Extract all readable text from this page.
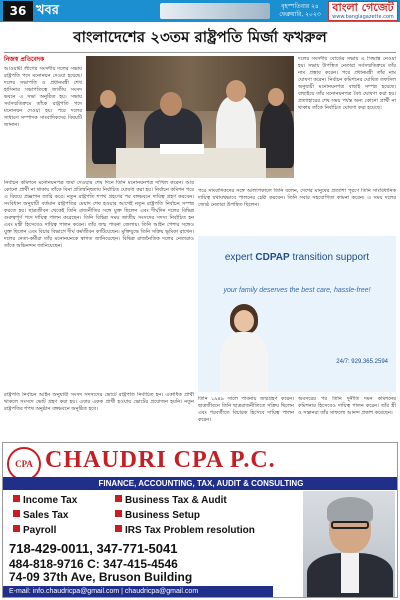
36 খবর	বৃহস্পতিবার ২৪ ফেব্রুয়ারি, ২০২৩
বাংলা গেজেট
www.banglagazette.com
বাংলাদেশের ২৩তম রাষ্ট্রপতি মির্জা ফখরুল
নিজস্ব প্রতিবেদক
আওয়ামী লীগের সংসদীয় দলের সভায় রাষ্ট্রপতি পদে মনোনয়ন দেওয়া হয়েছে। দলের সভাপতি ও প্রধানমন্ত্রী শেখ হাসিনার সভাপতিত্বে জাতীয় সংসদ ভবনে এ সভা অনুষ্ঠিত হয়। সভায় সর্বসম্মতিক্রমে তাঁকে রাষ্ট্রপতি পদে মনোনয়ন দেওয়া হয়। পরে দলের সাধারণ সম্পাদক সাংবাদিকদের বিষয়টি জানান।
দলের সংসদীয় বোর্ডের সভায় এ সিদ্ধান্ত নেওয়া হয়। সভায় উপস্থিত নেতারা সর্বসম্মতিক্রমে তাঁর নাম প্রস্তাব করেন। পরে প্রধানমন্ত্রী তাঁর নাম ঘোষণা করেন। নির্বাচন কমিশনের ঘোষিত তফসিল অনুযায়ী মনোনয়নপত্র বাছাই সম্পন্ন হয়েছে। বাছাইয়ে তাঁর মনোনয়নপত্র বৈধ ঘোষণা করা হয়। প্রত্যাহারের শেষ সময় পর্যন্ত অন্য কোনো প্রার্থী না থাকায় তাঁকে নির্বাচিত ঘোষণা করা হয়েছে।
নির্বাচন কমিশনে মনোনয়নপত্র জমা দেওয়ার শেষ দিনে তিনি মনোনয়নপত্র দাখিল করেন। আর কোনো প্রার্থী না থাকায় তাঁকে বিনা প্রতিদ্বন্দ্বিতায় নির্বাচিত ঘোষণা করা হয়। নির্বাচন কমিশন পরে এ বিষয়ে প্রজ্ঞাপন জারি করে। নতুন রাষ্ট্রপতি শপথ গ্রহণের পর বঙ্গভবনে দায়িত্ব গ্রহণ করবেন। সংবিধান অনুযায়ী বর্তমান রাষ্ট্রপতির মেয়াদ শেষ হওয়ার আগেই নতুন রাষ্ট্রপতি নির্বাচন সম্পন্ন করতে হয়। ছাত্রজীবন থেকেই তিনি রাজনীতির সঙ্গে যুক্ত ছিলেন এবং দীর্ঘদিন দলের বিভিন্ন গুরুত্বপূর্ণ পদে দায়িত্ব পালন করেছেন। তিনি বিভিন্ন সময় জাতীয় সংসদের সদস্য নির্বাচিত হন এবং মন্ত্রী হিসেবেও দায়িত্ব পালন করেন। তাঁর জন্ম পাবনা জেলায়। তিনি আইন পেশার সঙ্গেও যুক্ত ছিলেন এবং বিচার বিভাগে দীর্ঘ কর্মজীবন কাটিয়েছেন। মুক্তিযুদ্ধে তিনি সক্রিয় ভূমিকা রাখেন। দলের নেতা-কর্মীরা তাঁর মনোনয়নকে স্বাগত জানিয়েছেন। বিভিন্ন রাজনৈতিক দলের নেতারাও তাঁকে অভিনন্দন জানিয়েছেন।
পরে সাংবাদিকদের সঙ্গে আলাপকালে তিনি বলেন, দেশের মানুষের প্রত্যাশা পূরণে তিনি সাংবিধানিক দায়িত্ব যথাযথভাবে পালনের চেষ্টা করবেন। তিনি সবার সহযোগিতা কামনা করেন। এ সময় দলের জ্যেষ্ঠ নেতারা উপস্থিত ছিলেন।
expert CDPAP transition support
your family deserves the best care, hassle-free!
24/7: 929.365.2594
রাষ্ট্রপতি নির্বাচন আইন অনুযায়ী সংসদ সদস্যদের ভোটে রাষ্ট্রপতি নির্বাচিত হন। একাধিক প্রার্থী থাকলে সংসদে ভোট গ্রহণ করা হয়। এবার একক প্রার্থী হওয়ায় ভোটের প্রয়োজন হয়নি। নতুন রাষ্ট্রপতির শপথ অনুষ্ঠান বঙ্গভবনে অনুষ্ঠিত হবে।
তিনি ১৯৪৯ সালে পাবনায় জন্মগ্রহণ করেন। ছাত্রজীবনে তিনি ছাত্ররাজনীতিতে সক্রিয় ছিলেন এবং পরবর্তীতে বিচারক হিসেবে দায়িত্ব পালন করেন।
অবসরের পর তিনি দুর্নীতি দমন কমিশনের কমিশনার হিসেবেও দায়িত্ব পালন করেন। তাঁর স্ত্রী ও সন্তানরা তাঁর সাফল্যে আনন্দ প্রকাশ করেছেন।
CPA CHAUDRI CPA P.C.
FINANCE, ACCOUNTING, TAX, AUDIT & CONSULTING
Income Tax
Sales Tax
Payroll
Business Tax & Audit
Business Setup
IRS Tax Problem resolution
718-429-0011, 347-771-5041
484-818-9716 C: 347-415-4546
74-09 37th Ave, Bruson Building
E-mail: info.chaudricpa@gmail.com | chaudricpa@gmail.com
